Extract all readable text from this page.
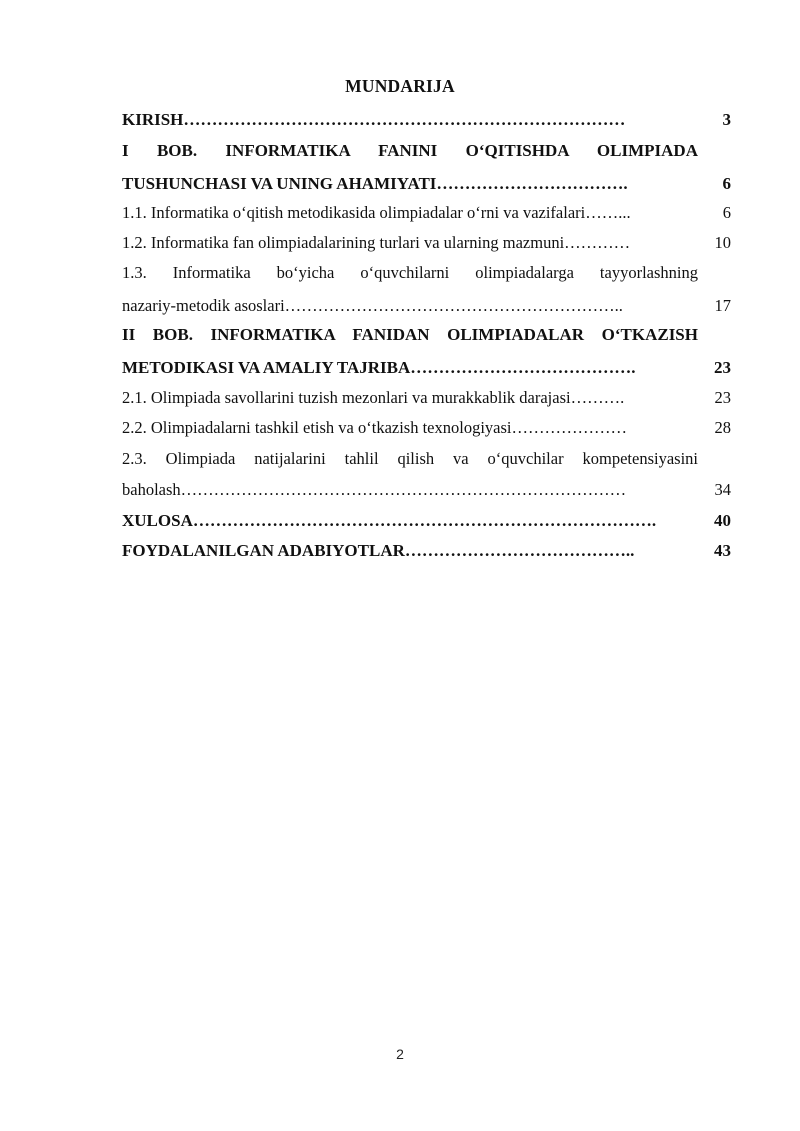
MUNDARIJA
KIRISH……………………………………………………………………	3
I BOB. INFORMATIKA FANINI O‘QITISHDA OLIMPIADA
TUSHUNCHASI VA UNING AHAMIYATI…………………………….	6
1.1. Informatika o‘qitish metodikasida olimpiadalar o‘rni va vazifalari……...	6
1.2. Informatika fan olimpiadalarining turlari va ularning mazmuni…………	10
1.3. Informatika bo‘yicha o‘quvchilarni olimpiadalarga tayyorlashning
nazariy-metodik asoslari……………………………………………………..	17
II BOB. INFORMATIKA FANIDAN OLIMPIADALAR O‘TKAZISH
METODIKASI VA AMALIY TAJRIBA………………………………….	23
2.1. Olimpiada savollarini tuzish mezonlari va murakkablik darajasi……….	23
2.2. Olimpiadalarni tashkil etish va o‘tkazish texnologiyasi…………………	28
2.3. Olimpiada natijalarini tahlil qilish va o‘quvchilar kompetensiyasini
baholash………………………………………………………………………	34
XULOSA……………………………………………………………………….	40
FOYDALANILGAN ADABIYOTLAR…………………………………..	43
2
